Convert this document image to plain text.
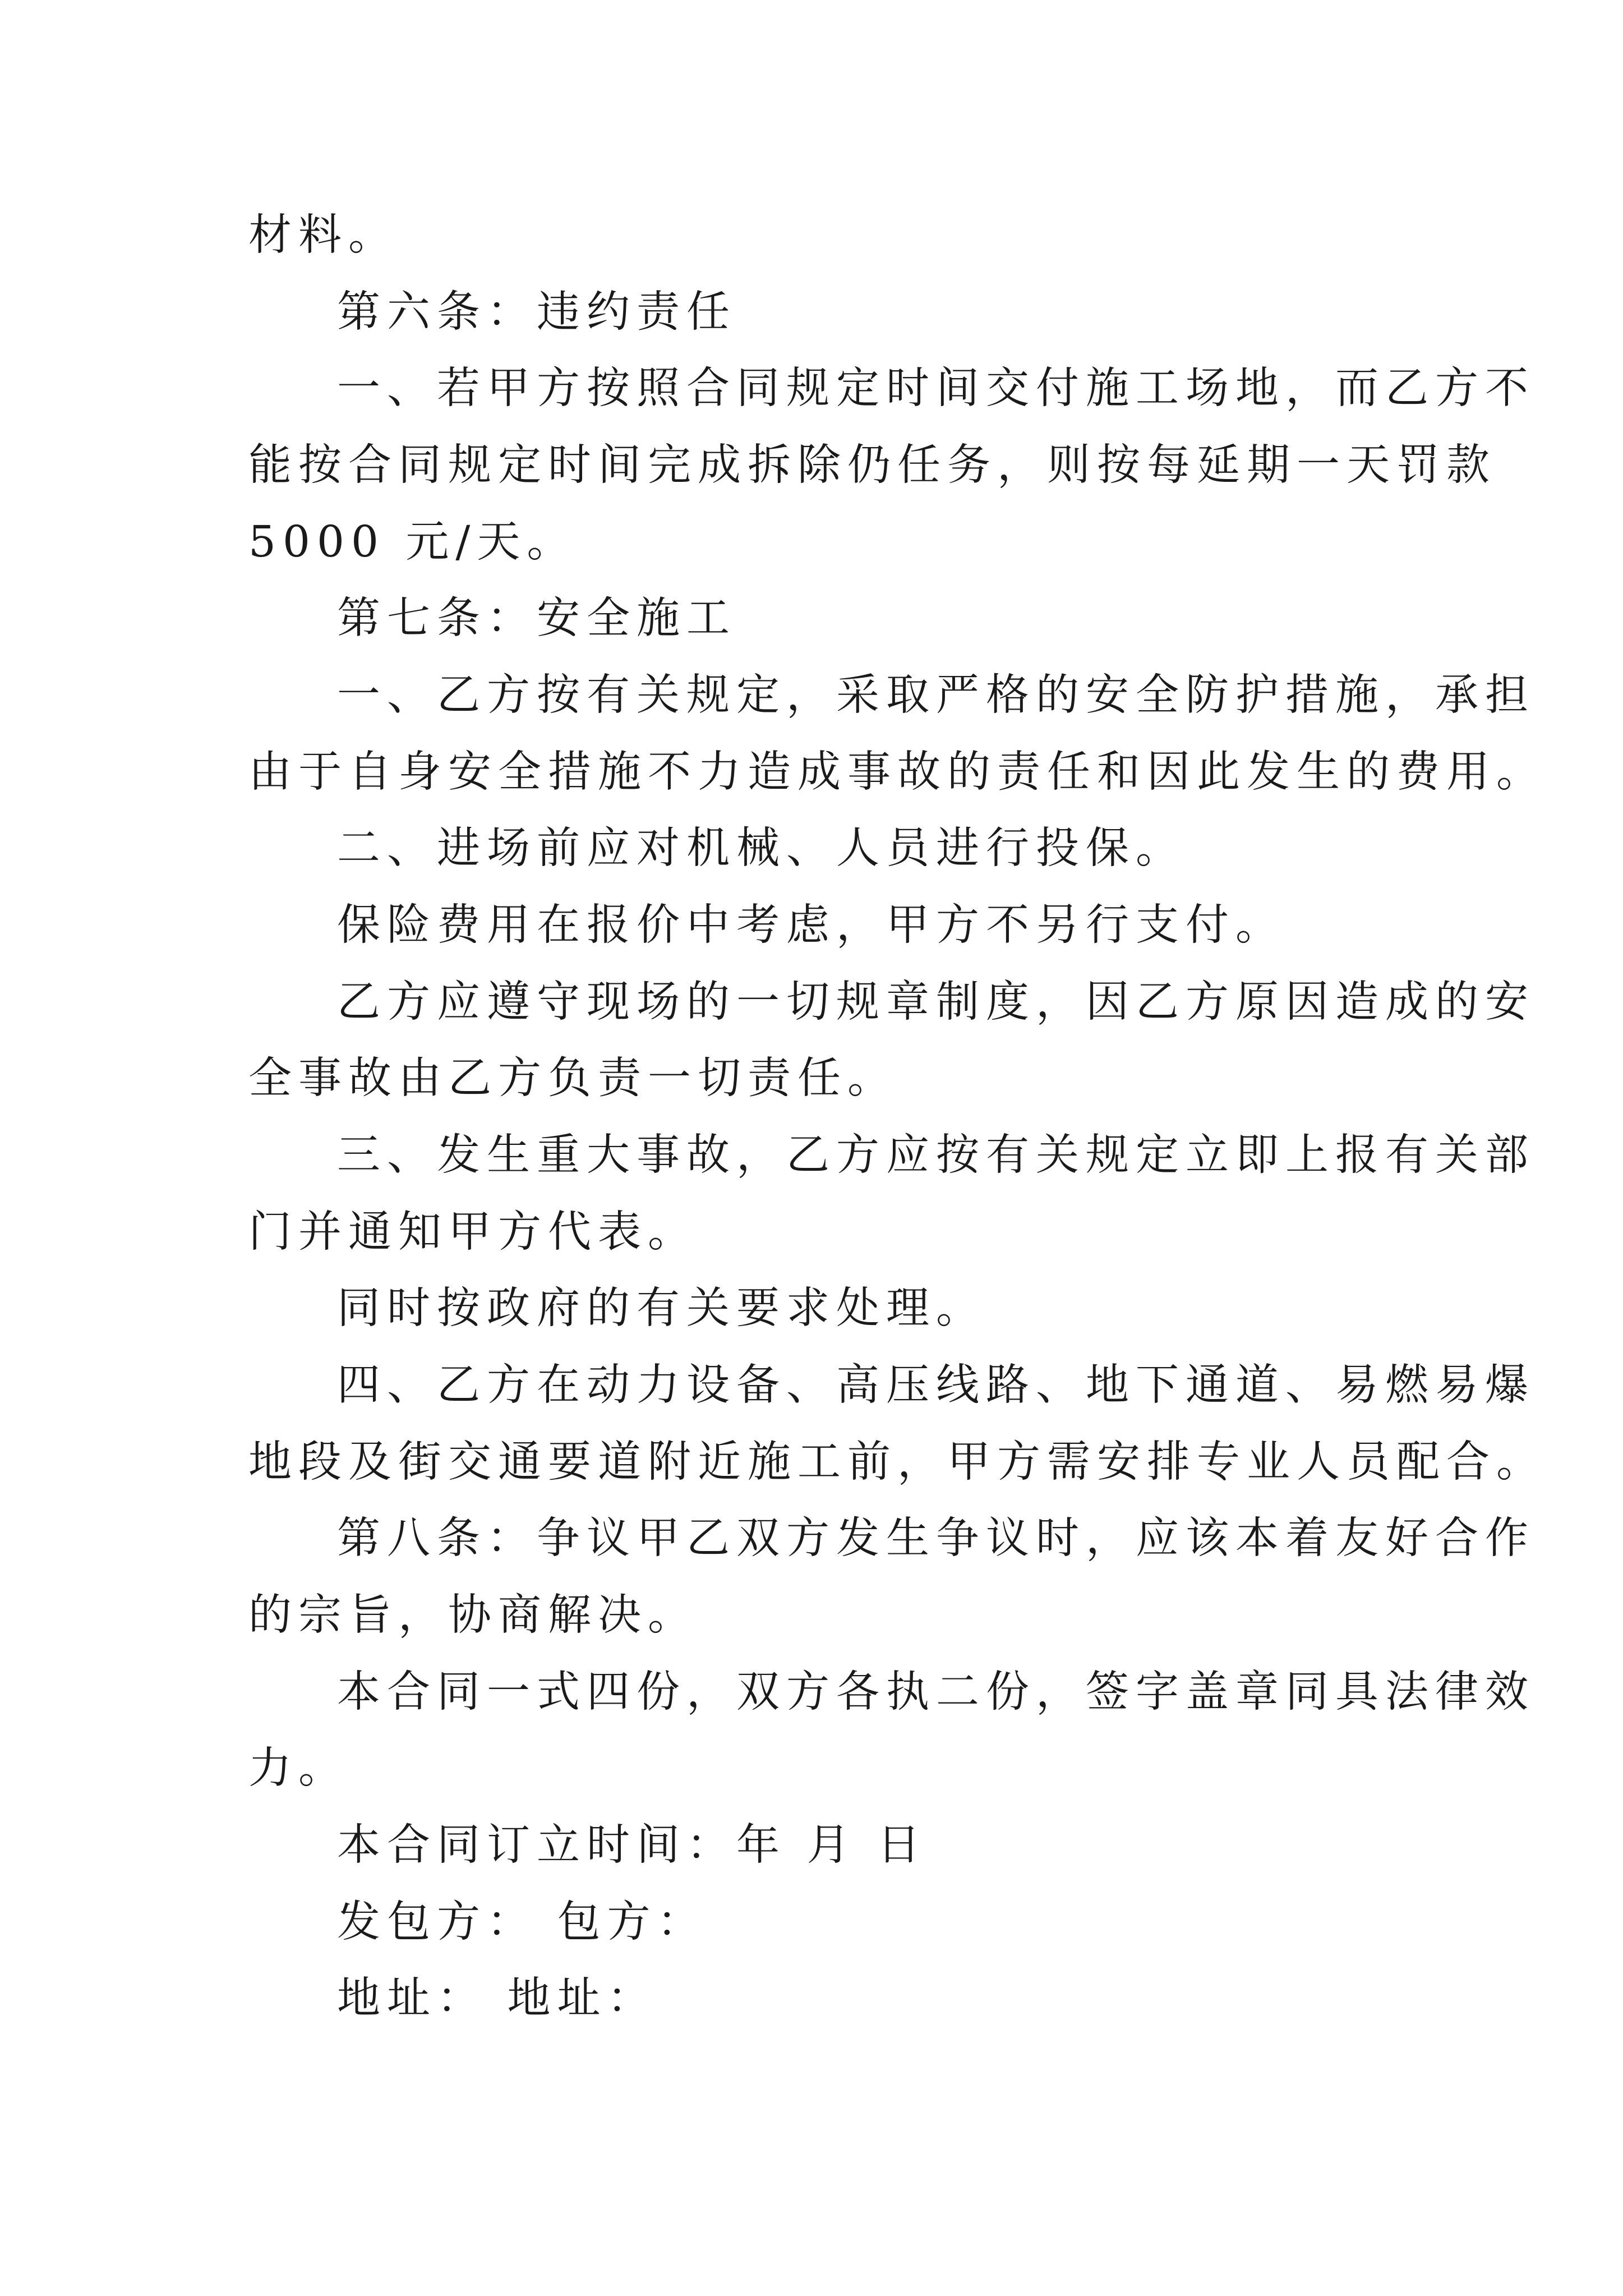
材料。
第六条：违约责任
一、若甲方按照合同规定时间交付施工场地，而乙方不
能按合同规定时间完成拆除仍任务，则按每延期一天罚款
5000 元/天。
第七条：安全施工
一、乙方按有关规定，采取严格的安全防护措施，承担
由于自身安全措施不力造成事故的责任和因此发生的费用。
二、进场前应对机械、人员进行投保。
保险费用在报价中考虑，甲方不另行支付。
乙方应遵守现场的一切规章制度，因乙方原因造成的安
全事故由乙方负责一切责任。
三、发生重大事故，乙方应按有关规定立即上报有关部
门并通知甲方代表。
同时按政府的有关要求处理。
四、乙方在动力设备、高压线路、地下通道、易燃易爆
地段及街交通要道附近施工前，甲方需安排专业人员配合。
第八条：争议甲乙双方发生争议时，应该本着友好合作
的宗旨，协商解决。
本合同一式四份，双方各执二份，签字盖章同具法律效
力。
本合同订立时间：年 月 日
发包方： 包方：
地址： 地址：
